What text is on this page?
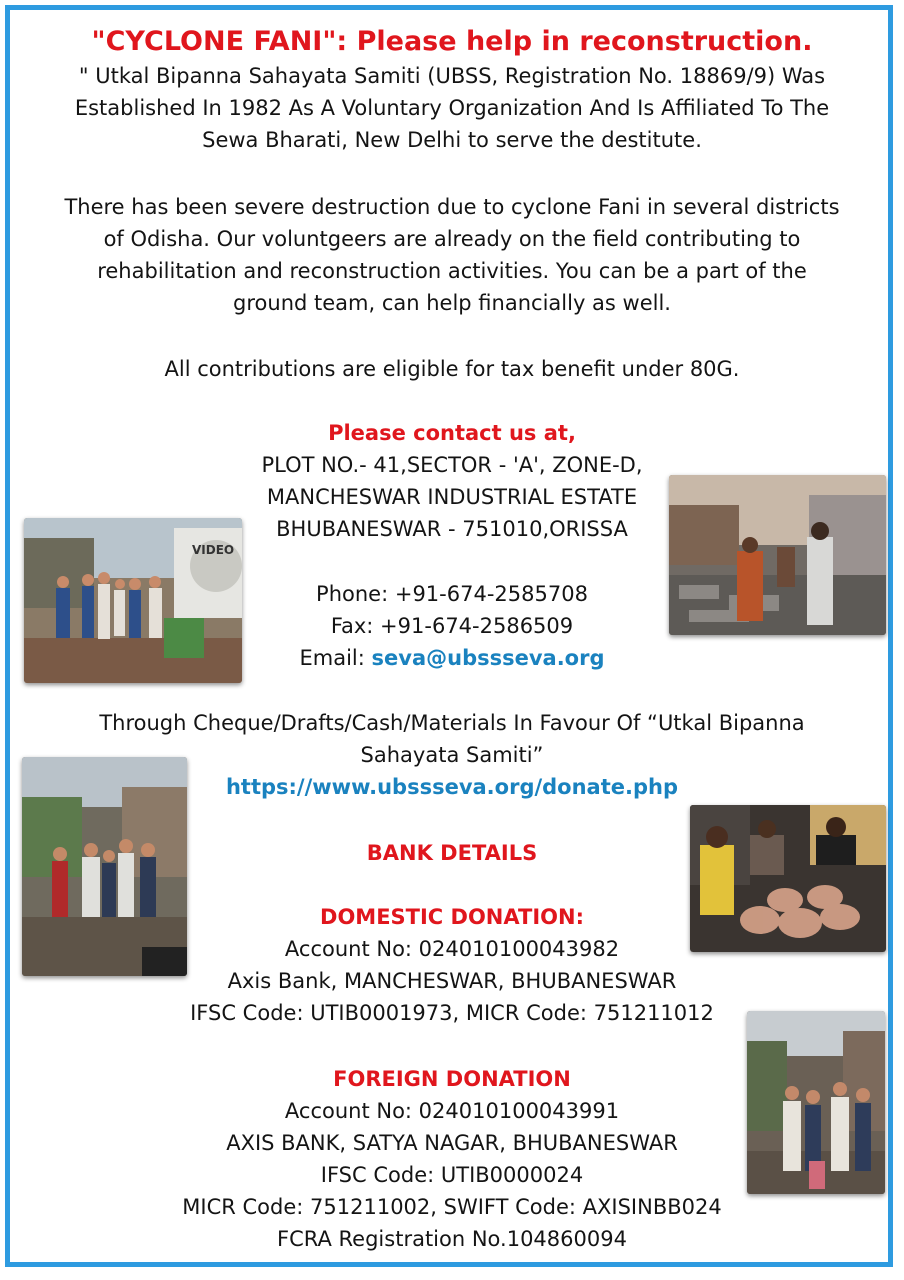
"CYCLONE FANI": Please help in reconstruction.
" Utkal Bipanna Sahayata Samiti (UBSS, Registration No. 18869/9) Was
Established In 1982 As A Voluntary Organization And Is Affiliated To The
Sewa Bharati, New Delhi to serve the destitute.
There has been severe destruction due to cyclone Fani in several districts
of Odisha. Our voluntgeers are already on the field contributing to
rehabilitation and reconstruction activities. You can be a part of the
ground team, can help financially as well.
All contributions are eligible for tax benefit under 80G.
Please contact us at,
PLOT NO.- 41,SECTOR - 'A', ZONE-D,
MANCHESWAR INDUSTRIAL ESTATE
BHUBANESWAR - 751010,ORISSA
Phone: +91-674-2585708
Fax: +91-674-2586509
Email: seva@ubssseva.org
Through Cheque/Drafts/Cash/Materials In Favour Of “Utkal Bipanna
Sahayata Samiti”
https://www.ubssseva.org/donate.php
BANK DETAILS
DOMESTIC DONATION:
Account No: 024010100043982
Axis Bank, MANCHESWAR, BHUBANESWAR
IFSC Code: UTIB0001973, MICR Code: 751211012
FOREIGN DONATION
Account No: 024010100043991
AXIS BANK, SATYA NAGAR, BHUBANESWAR
IFSC Code: UTIB0000024
MICR Code: 751211002, SWIFT Code: AXISINBB024
FCRA Registration No.104860094
VIDEO
